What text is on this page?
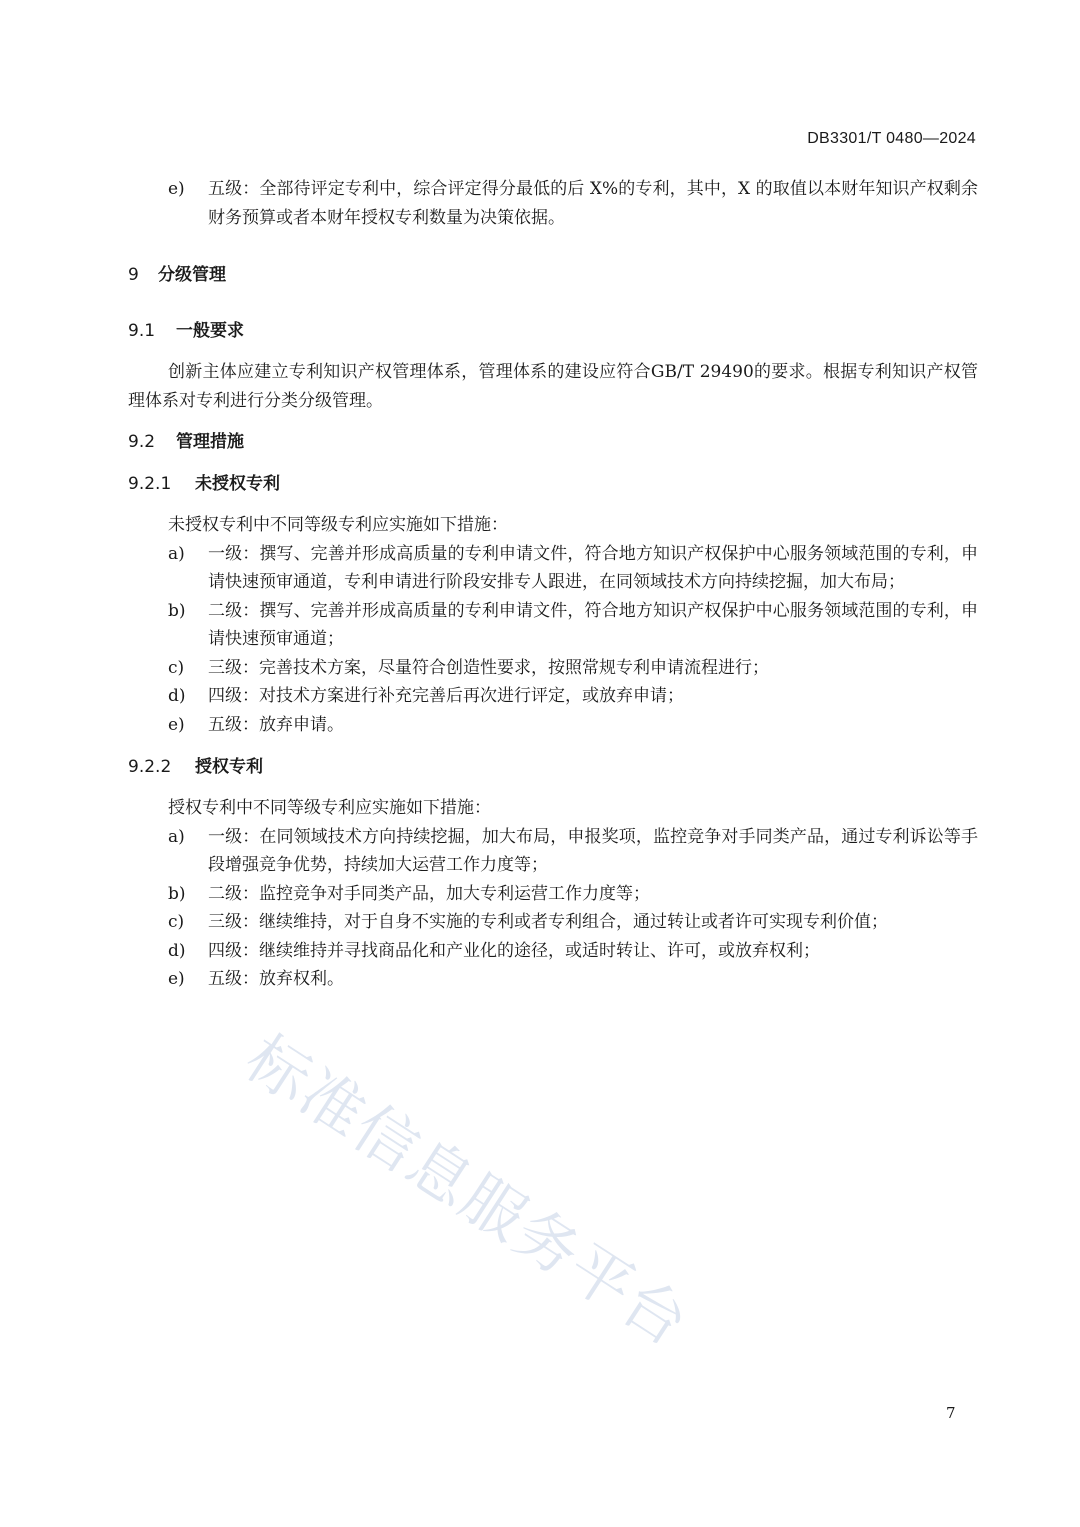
DB3301/T 0480—2024
e)	五级：全部待评定专利中，综合评定得分最低的后 X%的专利，其中，X 的取值以本财年知识产权剩余财务预算或者本财年授权专利数量为决策依据。
9	分级管理
9.1	一般要求
创新主体应建立专利知识产权管理体系，管理体系的建设应符合GB/T 29490的要求。根据专利知识产权管理体系对专利进行分类分级管理。
9.2	管理措施
9.2.1	未授权专利
未授权专利中不同等级专利应实施如下措施：
a)	一级：撰写、完善并形成高质量的专利申请文件，符合地方知识产权保护中心服务领域范围的专利，申请快速预审通道，专利申请进行阶段安排专人跟进，在同领域技术方向持续挖掘，加大布局；
b)	二级：撰写、完善并形成高质量的专利申请文件，符合地方知识产权保护中心服务领域范围的专利，申请快速预审通道；
c)	三级：完善技术方案，尽量符合创造性要求，按照常规专利申请流程进行；
d)	四级：对技术方案进行补充完善后再次进行评定，或放弃申请；
e)	五级：放弃申请。
9.2.2	授权专利
授权专利中不同等级专利应实施如下措施：
a)	一级：在同领域技术方向持续挖掘，加大布局，申报奖项，监控竞争对手同类产品，通过专利诉讼等手段增强竞争优势，持续加大运营工作力度等；
b)	二级：监控竞争对手同类产品，加大专利运营工作力度等；
c)	三级：继续维持，对于自身不实施的专利或者专利组合，通过转让或者许可实现专利价值；
d)	四级：继续维持并寻找商品化和产业化的途径，或适时转让、许可，或放弃权利；
e)	五级：放弃权利。
标准信息服务平台
7
